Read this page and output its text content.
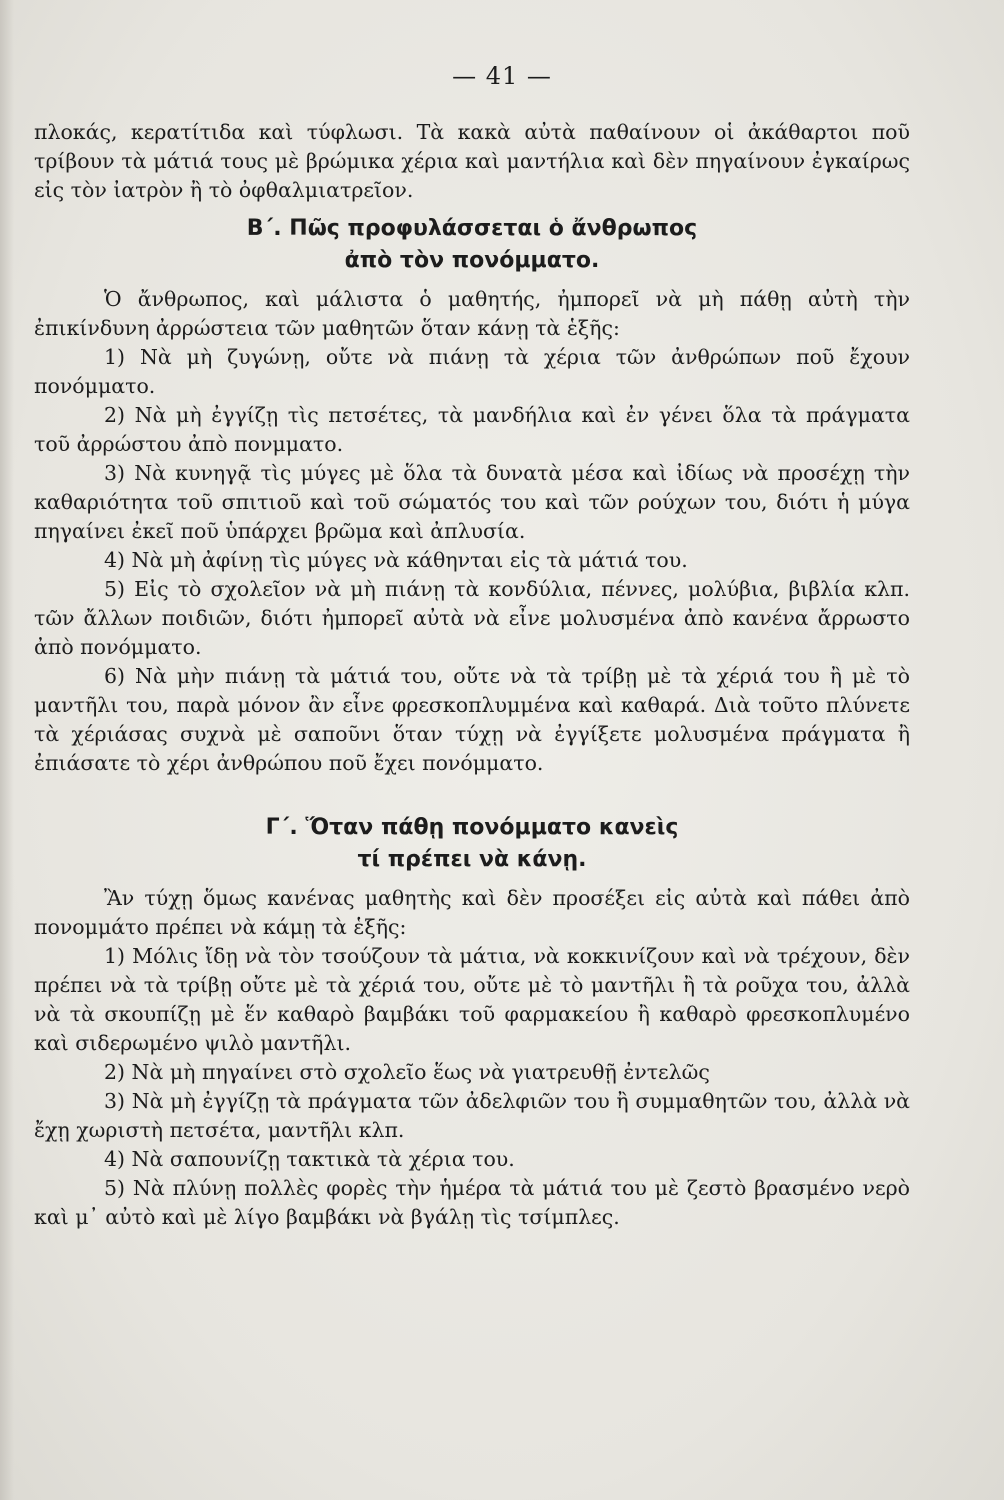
— 41 —

πλοκάς, κερατίτιδα καὶ τύφλωσι. Τὰ κακὰ αὐτὰ παθαίνουν οἱ ἀκάθαρτοι ποῦ τρίβουν τὰ μάτιά τους μὲ βρώμικα χέρια καὶ μαντήλια καὶ δὲν πηγαίνουν ἐγκαίρως εἰς τὸν ἰατρὸν ἢ τὸ ὀφθαλμιατρεῖον.

Β΄. Πῶς προφυλάσσεται ὁ ἄνθρωπος
ἀπὸ τὸν πονόμματο.

Ὁ ἄνθρωπος, καὶ μάλιστα ὁ μαθητής, ἠμπορεῖ νὰ μὴ πάθῃ αὐτὴ τὴν ἐπικίνδυνη ἀρρώστεια τῶν μαθητῶν ὅταν κάνῃ τὰ ἑξῆς:

1) Νὰ μὴ ζυγώνῃ, οὔτε νὰ πιάνῃ τὰ χέρια τῶν ἀνθρώπων ποῦ ἔχουν πονόμματο.

2) Νὰ μὴ ἐγγίζῃ τὶς πετσέτες, τὰ μανδήλια καὶ ἐν γένει ὅλα τὰ πράγματα τοῦ ἀρρώστου ἀπὸ πονμματο.

3) Νὰ κυνηγᾷ τὶς μύγες μὲ ὅλα τὰ δυνατὰ μέσα καὶ ἰδίως νὰ προσέχῃ τὴν καθαριότητα τοῦ σπιτιοῦ καὶ τοῦ σώματός του καὶ τῶν ρούχων του, διότι ἡ μύγα πηγαίνει ἐκεῖ ποῦ ὑπάρχει βρῶμα καὶ ἀπλυσία.

4) Νὰ μὴ ἀφίνῃ τὶς μύγες νὰ κάθηνται εἰς τὰ μάτιά του.

5) Εἰς τὸ σχολεῖον νὰ μὴ πιάνῃ τὰ κονδύλια, πέννες, μολύβια, βιβλία κλπ. τῶν ἄλλων ποιδιῶν, διότι ἠμπορεῖ αὐτὰ νὰ εἶνε μολυσμένα ἀπὸ κανένα ἄρρωστο ἀπὸ πονόμματο.

6) Νὰ μὴν πιάνῃ τὰ μάτιά του, οὔτε νὰ τὰ τρίβῃ μὲ τὰ χέριά του ἢ μὲ τὸ μαντῆλι του, παρὰ μόνον ἂν εἶνε φρεσκοπλυμμένα καὶ καθαρά. Διὰ τοῦτο πλύνετε τὰ χέριάσας συχνὰ μὲ σαποῦνι ὅταν τύχῃ νὰ ἐγγίξετε μολυσμένα πράγματα ἢ ἐπιάσατε τὸ χέρι ἀνθρώπου ποῦ ἔχει πονόμματο.

Γ΄. Ὅταν πάθῃ πονόμματο κανεὶς
τί πρέπει νὰ κάνῃ.

Ἂν τύχῃ ὅμως κανένας μαθητὴς καὶ δὲν προσέξει εἰς αὐτὰ καὶ πάθει ἀπὸ πονομμάτο πρέπει νὰ κάμῃ τὰ ἑξῆς:

1) Μόλις ἴδῃ νὰ τὸν τσούζουν τὰ μάτια, νὰ κοκκινίζουν καὶ νὰ τρέχουν, δὲν πρέπει νὰ τὰ τρίβῃ οὔτε μὲ τὰ χέριά του, οὔτε μὲ τὸ μαντῆλι ἢ τὰ ροῦχα του, ἀλλὰ νὰ τὰ σκουπίζῃ μὲ ἕν καθαρὸ βαμβάκι τοῦ φαρμακείου ἢ καθαρὸ φρεσκοπλυμένο καὶ σιδερωμένο ψιλὸ μαντῆλι.

2) Νὰ μὴ πηγαίνει στὸ σχολεῖο ἕως νὰ γιατρευθῇ ἐντελῶς

3) Νὰ μὴ ἐγγίζῃ τὰ πράγματα τῶν ἀδελφιῶν του ἢ συμμαθητῶν του, ἀλλὰ νὰ ἔχῃ χωριστὴ πετσέτα, μαντῆλι κλπ.

4) Νὰ σαπουνίζῃ τακτικὰ τὰ χέρια του.

5) Νὰ πλύνῃ πολλὲς φορὲς τὴν ἡμέρα τὰ μάτιά του μὲ ζεστὸ βρασμένο νερὸ καὶ μ᾽ αὐτὸ καὶ μὲ λίγο βαμβάκι νὰ βγάλῃ τὶς τσίμπλες.
